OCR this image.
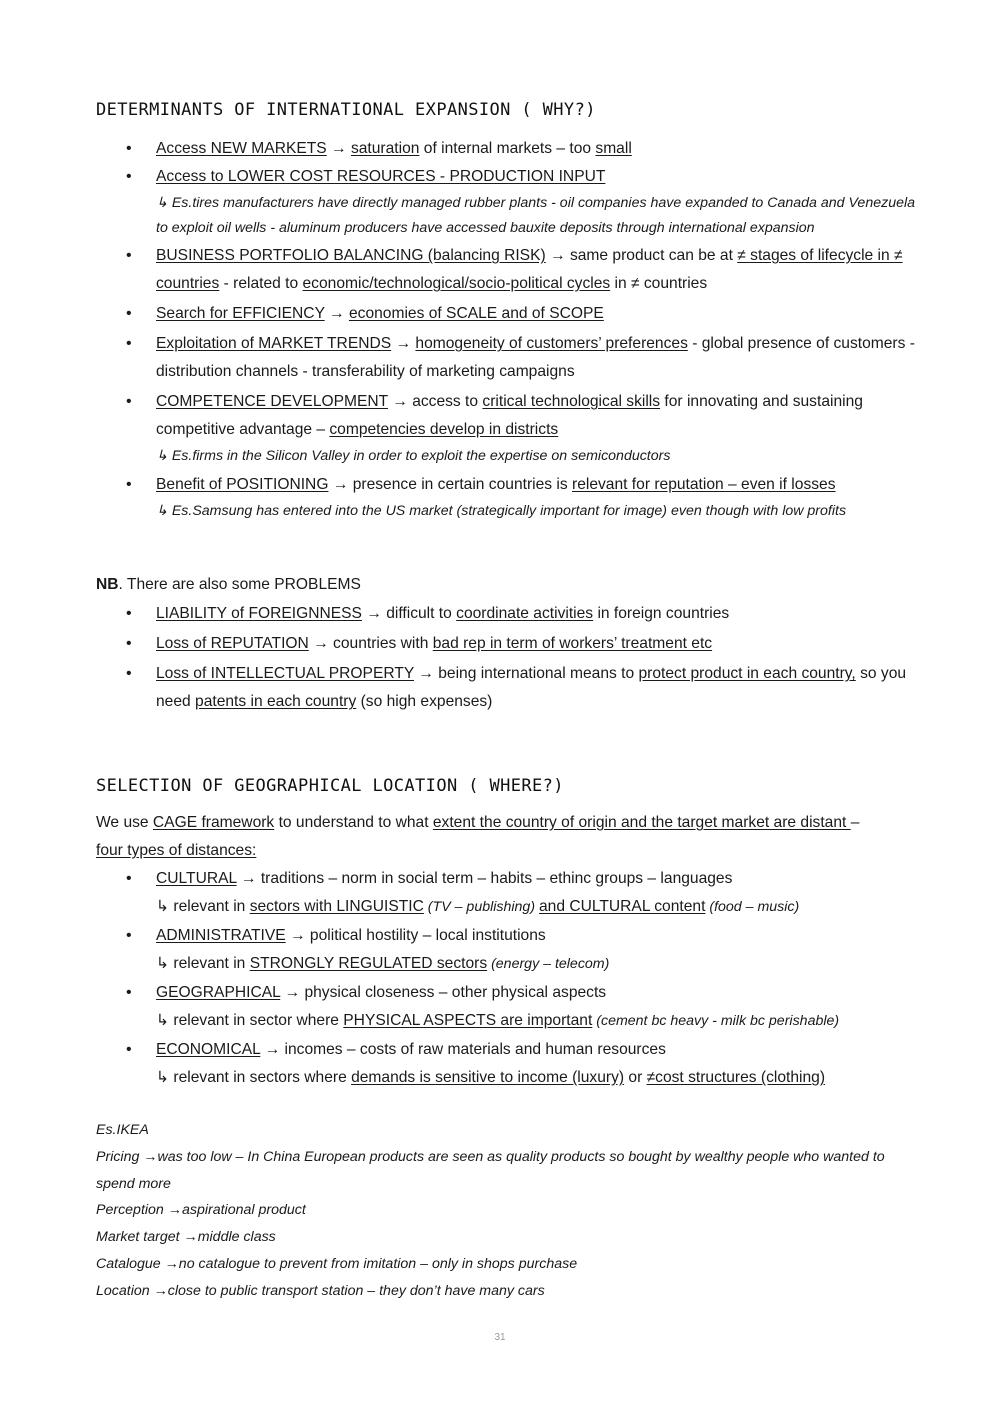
DETERMINANTS OF INTERNATIONAL EXPANSION ( WHY?)
• Access NEW MARKETS → saturation of internal markets – too small
• Access to LOWER COST RESOURCES - PRODUCTION INPUT
↳ Es.tires manufacturers have directly managed rubber plants - oil companies have expanded to Canada and Venezuela to exploit oil wells - aluminum producers have accessed bauxite deposits through international expansion
• BUSINESS PORTFOLIO BALANCING (balancing RISK) → same product can be at ≠ stages of lifecycle in ≠ countries - related to economic/technological/socio-political cycles in ≠ countries
• Search for EFFICIENCY → economies of SCALE and of SCOPE
• Exploitation of MARKET TRENDS → homogeneity of customers’ preferences - global presence of customers - distribution channels - transferability of marketing campaigns
• COMPETENCE DEVELOPMENT → access to critical technological skills for innovating and sustaining competitive advantage – competencies develop in districts
↳ Es.firms in the Silicon Valley in order to exploit the expertise on semiconductors
• Benefit of POSITIONING → presence in certain countries is relevant for reputation – even if losses
↳ Es.Samsung has entered into the US market (strategically important for image) even though with low profits
NB. There are also some PROBLEMS
• LIABILITY of FOREIGNNESS → difficult to coordinate activities in foreign countries
• Loss of REPUTATION → countries with bad rep in term of workers’ treatment etc
• Loss of INTELLECTUAL PROPERTY → being international means to protect product in each country, so you need patents in each country (so high expenses)
SELECTION OF GEOGRAPHICAL LOCATION ( WHERE?)
We use CAGE framework to understand to what extent the country of origin and the target market are distant – four types of distances:
• CULTURAL → traditions – norm in social term – habits – ethinc groups – languages
↳ relevant in sectors with LINGUISTIC (TV – publishing) and CULTURAL content (food – music)
• ADMINISTRATIVE → political hostility – local institutions
↳ relevant in STRONGLY REGULATED sectors (energy – telecom)
• GEOGRAPHICAL → physical closeness – other physical aspects
↳ relevant in sector where PHYSICAL ASPECTS are important (cement bc heavy - milk bc perishable)
• ECONOMICAL → incomes – costs of raw materials and human resources
↳ relevant in sectors where demands is sensitive to income (luxury) or ≠cost structures (clothing)
Es.IKEA
Pricing →was too low – In China European products are seen as quality products so bought by wealthy people who wanted to spend more
Perception →aspirational product
Market target →middle class
Catalogue →no catalogue to prevent from imitation – only in shops purchase
Location →close to public transport station – they don’t have many cars
31
